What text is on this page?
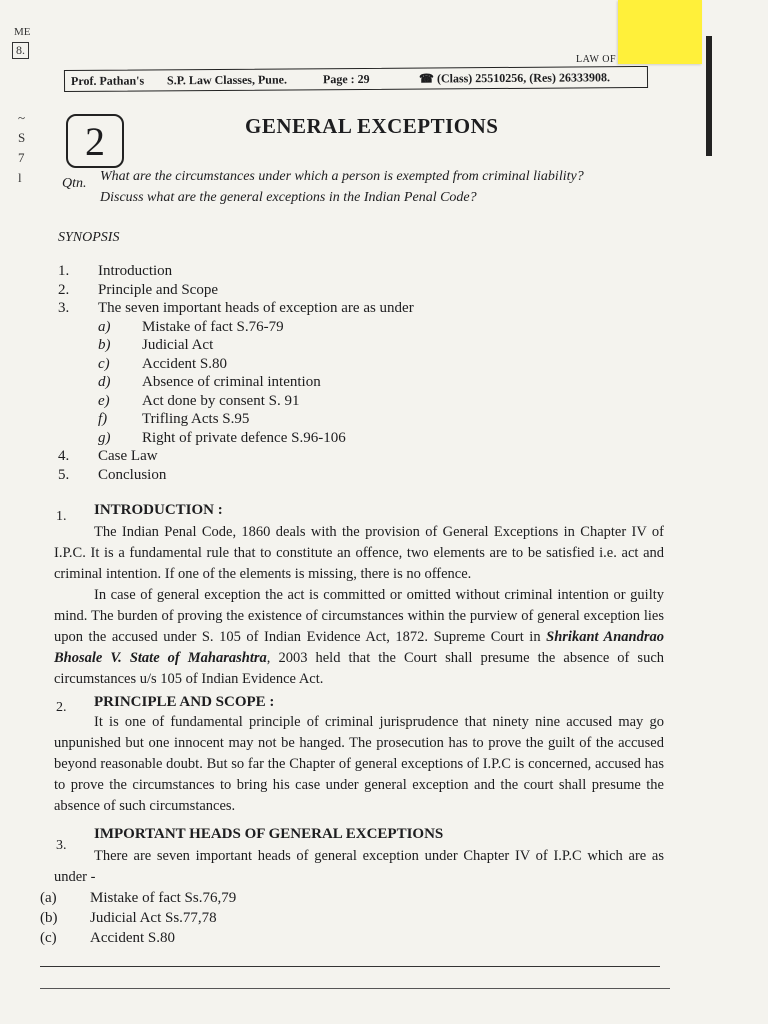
ME
8.
~
S
7
l
LAW OF
Prof. Pathan's	S.P. Law Classes, Pune.	Page : 29	☎ (Class) 25510256, (Res) 26333908.
2	GENERAL EXCEPTIONS
Qtn. What are the circumstances under which a person is exempted from criminal liability?
Discuss what are the general exceptions in the Indian Penal Code?
SYNOPSIS
1. Introduction
2. Principle and Scope
3. The seven important heads of exception are as under
a) Mistake of fact S.76-79
b) Judicial Act
c) Accident S.80
d) Absence of criminal intention
e) Act done by consent S. 91
f) Trifling Acts S.95
g) Right of private defence S.96-106
4. Case Law
5. Conclusion
1. INTRODUCTION :

The Indian Penal Code, 1860 deals with the provision of General Exceptions in Chapter IV of I.P.C. It is a fundamental rule that to constitute an offence, two elements are to be satisfied i.e. act and criminal intention. If one of the elements is missing, there is no offence.

In case of general exception the act is committed or omitted without criminal intention or guilty mind. The burden of proving the existence of circumstances within the purview of general exception lies upon the accused under S. 105 of Indian Evidence Act, 1872. Supreme Court in Shrikant Anandrao Bhosale V. State of Maharashtra, 2003 held that the Court shall presume the absence of such circumstances u/s 105 of Indian Evidence Act.

2. PRINCIPLE AND SCOPE :

It is one of fundamental principle of criminal jurisprudence that ninety nine accused may go unpunished but one innocent may not be hanged. The prosecution has to prove the guilt of the accused beyond reasonable doubt. But so far the Chapter of general exceptions of I.P.C is concerned, accused has to prove the circumstances to bring his case under general exception and the court shall presume the absence of such circumstances.

3.
IMPORTANT HEADS OF GENERAL EXCEPTIONS

There are seven important heads of general exception under Chapter IV of I.P.C which are as under -

(a) Mistake of fact Ss.76,79
(b) Judicial Act Ss.77,78
(c) Accident S.80
